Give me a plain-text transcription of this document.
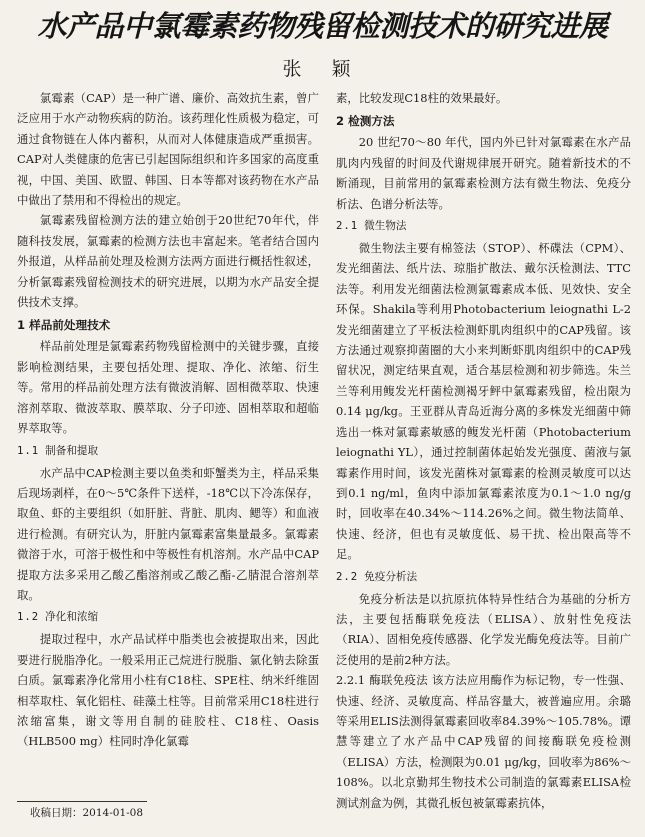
水产品中氯霉素药物残留检测技术的研究进展
张 颖

氯霉素（CAP）是一种广谱、廉价、高效抗生素，曾广泛应用于水产动物疾病的防治。该药理化性质极为稳定，可通过食物链在人体内蓄积，从而对人体健康造成严重损害。CAP对人类健康的危害已引起国际组织和许多国家的高度重视，中国、美国、欧盟、韩国、日本等都对该药物在水产品中做出了禁用和不得检出的规定。

氯霉素残留检测方法的建立始创于20世纪70年代，伴随科技发展，氯霉素的检测方法也丰富起来。笔者结合国内外报道，从样品前处理及检测方法两方面进行概括性叙述，分析氯霉素残留检测技术的研究进展，以期为水产品安全提供技术支撑。

1 样品前处理技术

样品前处理是氯霉素药物残留检测中的关键步骤，直接影响检测结果，主要包括处理、提取、净化、浓缩、衍生等。常用的样品前处理方法有微波消解、固相微萃取、快速溶剂萃取、微波萃取、膜萃取、分子印迹、固相萃取和超临界萃取等。

1.1 制备和提取

水产品中CAP检测主要以鱼类和虾蟹类为主，样品采集后现场剥样，在0～5℃条件下送样，-18℃以下冷冻保存，取鱼、虾的主要组织（如肝脏、背脏、肌肉、鳃等）和血液进行检测。有研究认为，肝脏内氯霉素富集量最多。氯霉素微溶于水，可溶于极性和中等极性有机溶剂。水产品中CAP提取方法多采用乙酸乙酯溶剂或乙酸乙酯-乙腈混合溶剂萃取。

1.2 净化和浓缩

提取过程中，水产品试样中脂类也会被提取出来，因此要进行脱脂净化。一般采用正己烷进行脱脂、氯化钠去除蛋白质。氯霉素净化常用小柱有C18柱、SPE柱、纳米纤维固相萃取柱、氧化铝柱、硅藻土柱等。目前常采用C18柱进行浓缩富集，谢文等用自制的硅胶柱、C18柱、Oasis（HLB500 mg）柱同时净化氯霉

收稿日期：2014-01-08

素，比较发现C18柱的效果最好。

2 检测方法

20 世纪70～80 年代，国内外已针对氯霉素在水产品肌肉内残留的时间及代谢规律展开研究。随着新技术的不断涌现，目前常用的氯霉素检测方法有微生物法、免疫分析法、色谱分析法等。

2.1 微生物法

微生物法主要有棉签法（STOP）、杯碟法（CPM）、发光细菌法、纸片法、琼脂扩散法、戴尔沃检测法、TTC法等。利用发光细菌法检测氯霉素成本低、见效快、安全环保。Shakila等利用Photobacterium leiognathi L-2发光细菌建立了平板法检测虾肌肉组织中的CAP残留。该方法通过观察抑菌圈的大小来判断虾肌肉组织中的CAP残留状况，测定结果直观，适合基层检测和初步筛选。朱兰兰等利用鳆发光杆菌检测褐牙鲆中氯霉素残留，检出限为0.14 μg/kg。王亚群从青岛近海分离的多株发光细菌中筛选出一株对氯霉素敏感的鳆发光杆菌（Photobacterium leiognathi YL），通过控制菌体起始发光强度、菌液与氯霉素作用时间，该发光菌株对氯霉素的检测灵敏度可以达到0.1 ng/ml，鱼肉中添加氯霉素浓度为0.1～1.0 ng/g时，回收率在40.34%～114.26%之间。微生物法简单、快速、经济，但也有灵敏度低、易干扰、检出限高等不足。

2.2 免疫分析法

免疫分析法是以抗原抗体特异性结合为基础的分析方法，主要包括酶联免疫法（ELISA）、放射性免疫法（RIA）、固相免疫传感器、化学发光酶免疫法等。目前广泛使用的是前2种方法。

2.2.1 酶联免疫法 该方法应用酶作为标记物，专一性强、快速、经济、灵敏度高、样品容量大，被普遍应用。余璐等采用ELIS法测得氯霉素回收率84.39%～105.78%。谭慧等建立了水产品中CAP残留的间接酶联免疫检测（ELISA）方法，检测限为0.01 μg/kg，回收率为86%～108%。以北京勤邦生物技术公司制造的氯霉素ELISA检测试剂盒为例，其微孔板包被氯霉素抗体，
